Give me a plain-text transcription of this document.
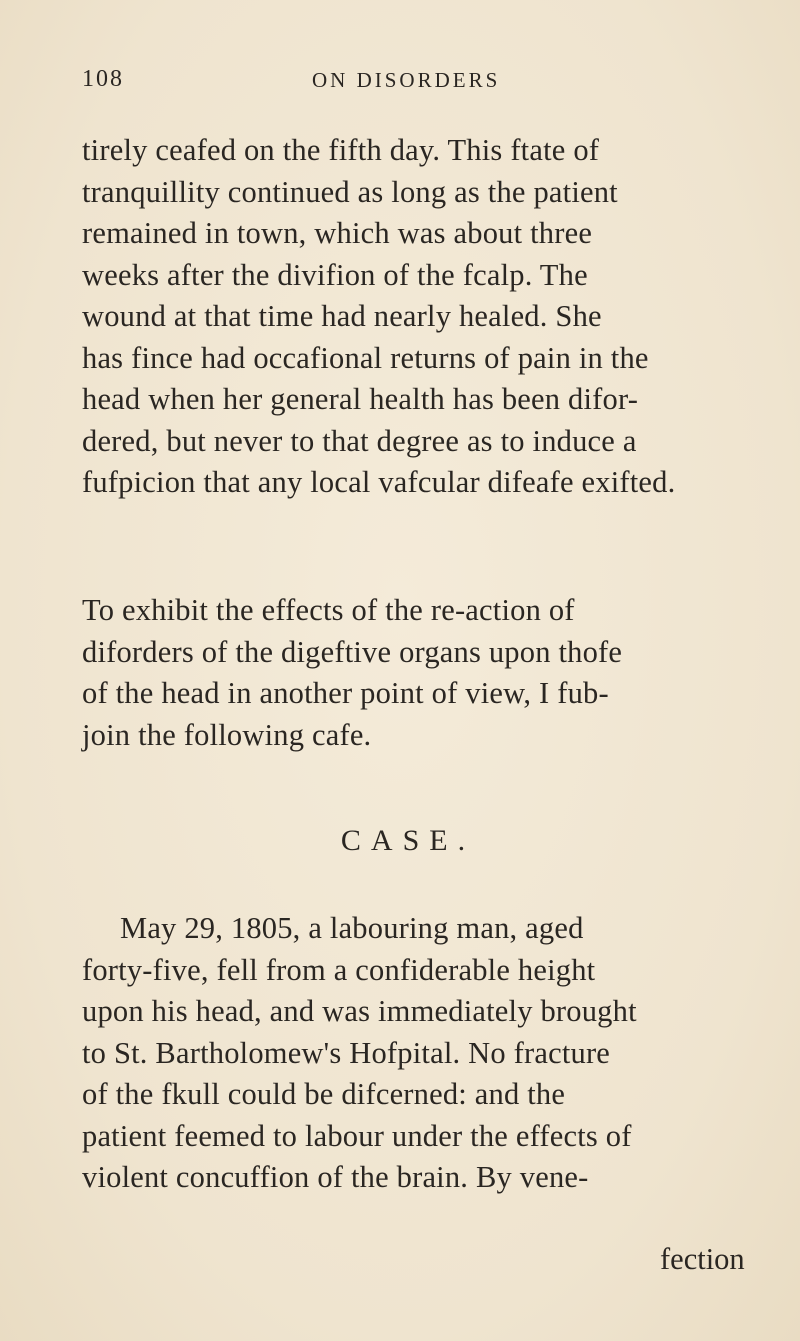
108	ON DISORDERS
tirely ceafed on the fifth day. This ftate of
tranquillity continued as long as the patient
remained in town, which was about three
weeks after the divifion of the fcalp. The
wound at that time had nearly healed. She
has fince had occafional returns of pain in the
head when her general health has been difor-
dered, but never to that degree as to induce a
fufpicion that any local vafcular difeafe exifted.
To exhibit the effects of the re-action of
diforders of the digeftive organs upon thofe
of the head in another point of view, I fub-
join the following cafe.
CASE.
May 29, 1805, a labouring man, aged
forty-five, fell from a confiderable height
upon his head, and was immediately brought
to St. Bartholomew's Hofpital. No fracture
of the fkull could be difcerned: and the
patient feemed to labour under the effects of
violent concuffion of the brain. By vene-
fection
